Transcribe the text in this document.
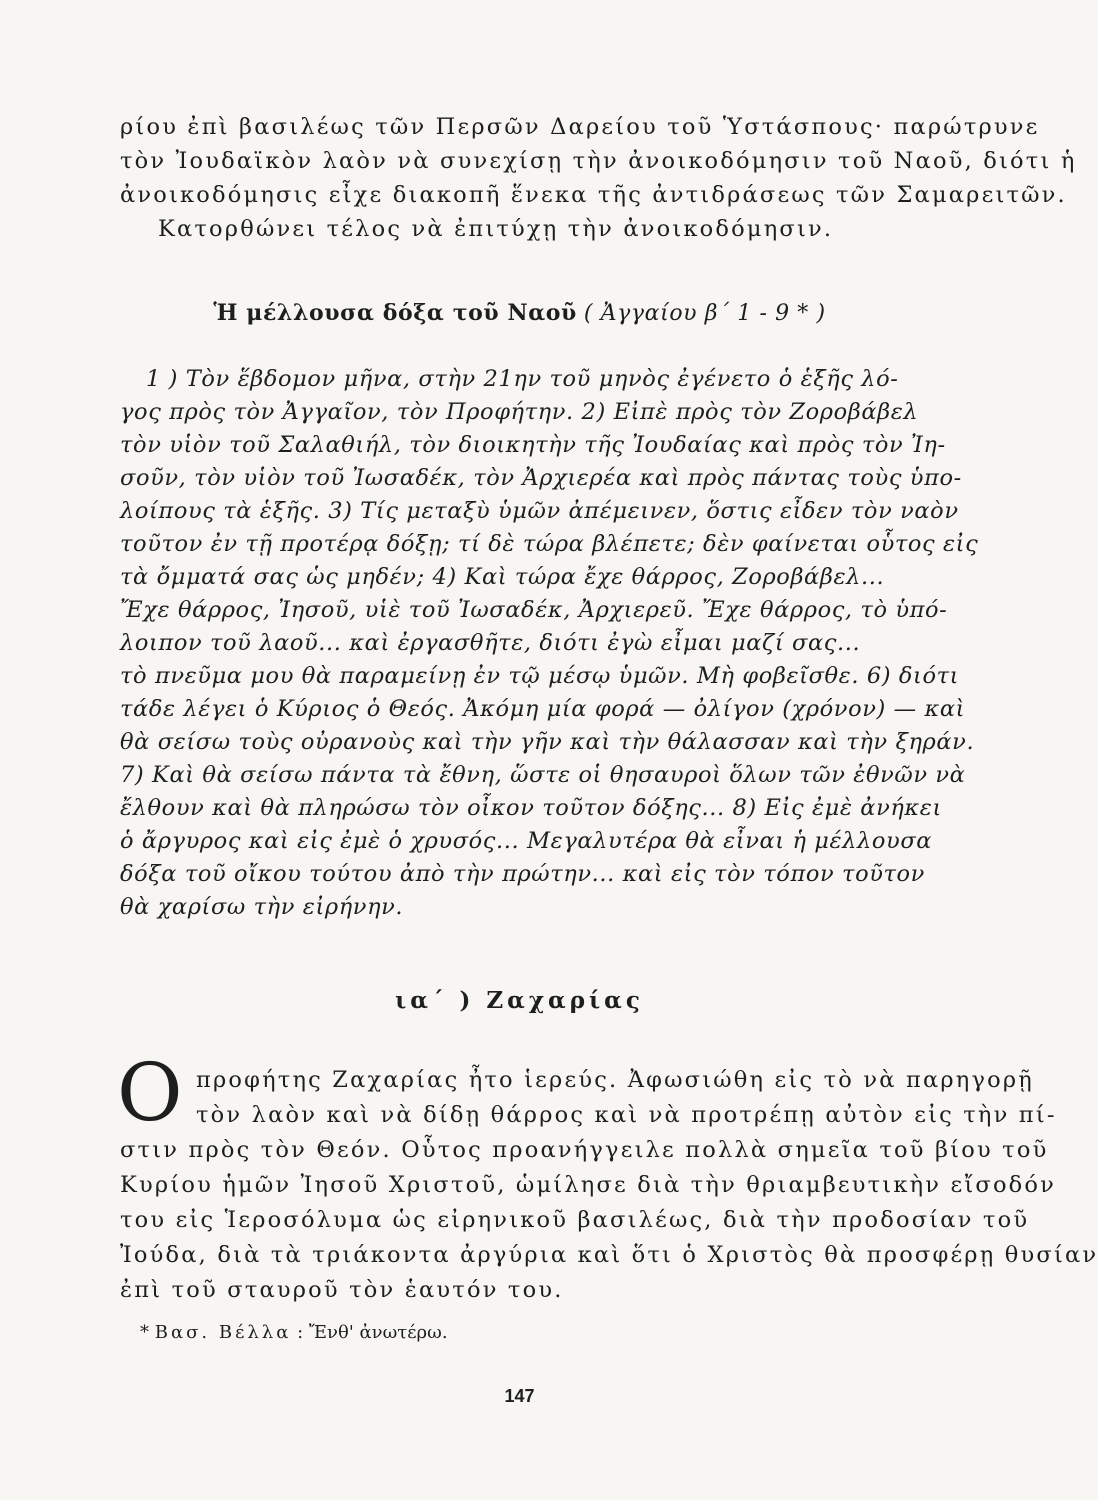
ρίου ἐπὶ βασιλέως τῶν Περσῶν Δαρείου τοῦ Ὑστάσπους· παρώτρυνε
τὸν Ἰουδαϊκὸν λαὸν νὰ συνεχίσῃ τὴν ἀνοικοδόμησιν τοῦ Ναοῦ, διότι ἡ
ἀνοικοδόμησις εἶχε διακοπῆ ἕνεκα τῆς ἀντιδράσεως τῶν Σαμαρειτῶν.
Κατορθώνει τέλος νὰ ἐπιτύχῃ τὴν ἀνοικοδόμησιν.
Ἡ μέλλουσα δόξα τοῦ Ναοῦ ( Ἀγγαίου β΄ 1 - 9 * )
1 ) Τὸν ἕβδομον μῆνα, στὴν 21ην τοῦ μηνὸς ἐγένετο ὁ ἑξῆς λό-
γος πρὸς τὸν Ἀγγαῖον, τὸν Προφήτην. 2) Εἰπὲ πρὸς τὸν Ζοροβάβελ
τὸν υἱὸν τοῦ Σαλαθιήλ, τὸν διοικητὴν τῆς Ἰουδαίας καὶ πρὸς τὸν Ἰη-
σοῦν, τὸν υἱὸν τοῦ Ἰωσαδέκ, τὸν Ἀρχιερέα καὶ πρὸς πάντας τοὺς ὑπο-
λοίπους τὰ ἑξῆς. 3) Τίς μεταξὺ ὑμῶν ἀπέμεινεν, ὅστις εἶδεν τὸν ναὸν
τοῦτον ἐν τῇ προτέρᾳ δόξῃ; τί δὲ τώρα βλέπετε; δὲν φαίνεται οὗτος εἰς
τὰ ὄμματά σας ὡς μηδέν; 4) Καὶ τώρα ἔχε θάρρος, Ζοροβάβελ...
Ἔχε θάρρος, Ἰησοῦ, υἱὲ τοῦ Ἰωσαδέκ, Ἀρχιερεῦ. Ἔχε θάρρος, τὸ ὑπό-
λοιπον τοῦ λαοῦ... καὶ ἐργασθῆτε, διότι ἐγὼ εἶμαι μαζί σας...
τὸ πνεῦμα μου θὰ παραμείνῃ ἐν τῷ μέσῳ ὑμῶν. Μὴ φοβεῖσθε. 6) διότι
τάδε λέγει ὁ Κύριος ὁ Θεός. Ἀκόμη μία φορά — ὀλίγον (χρόνον) — καὶ
θὰ σείσω τοὺς οὐρανοὺς καὶ τὴν γῆν καὶ τὴν θάλασσαν καὶ τὴν ξηράν.
7) Καὶ θὰ σείσω πάντα τὰ ἔθνη, ὥστε οἱ θησαυροὶ ὅλων τῶν ἐθνῶν νὰ
ἔλθουν καὶ θὰ πληρώσω τὸν οἶκον τοῦτον δόξης... 8) Εἰς ἐμὲ ἀνήκει
ὁ ἄργυρος καὶ εἰς ἐμὲ ὁ χρυσός... Μεγαλυτέρα θὰ εἶναι ἡ μέλλουσα
δόξα τοῦ οἴκου τούτου ἀπὸ τὴν πρώτην... καὶ εἰς τὸν τόπον τοῦτον
θὰ χαρίσω τὴν εἰρήνην.
ια΄ ) Ζαχαρίας
Ο προφήτης Ζαχαρίας ἦτο ἱερεύς. Ἀφωσιώθη εἰς τὸ νὰ παρηγορῇ
τὸν λαὸν καὶ νὰ δίδῃ θάρρος καὶ νὰ προτρέπῃ αὐτὸν εἰς τὴν πί-
στιν πρὸς τὸν Θεόν. Οὗτος προανήγγειλε πολλὰ σημεῖα τοῦ βίου τοῦ
Κυρίου ἡμῶν Ἰησοῦ Χριστοῦ, ὡμίλησε διὰ τὴν θριαμβευτικὴν εἴσοδόν
του εἰς Ἱεροσόλυμα ὡς εἰρηνικοῦ βασιλέως, διὰ τὴν προδοσίαν τοῦ
Ἰούδα, διὰ τὰ τριάκοντα ἀργύρια καὶ ὅτι ὁ Χριστὸς θὰ προσφέρῃ θυσίαν
ἐπὶ τοῦ σταυροῦ τὸν ἑαυτόν του.
* Βασ. Βέλλα : Ἔνθ' ἀνωτέρω.
147
